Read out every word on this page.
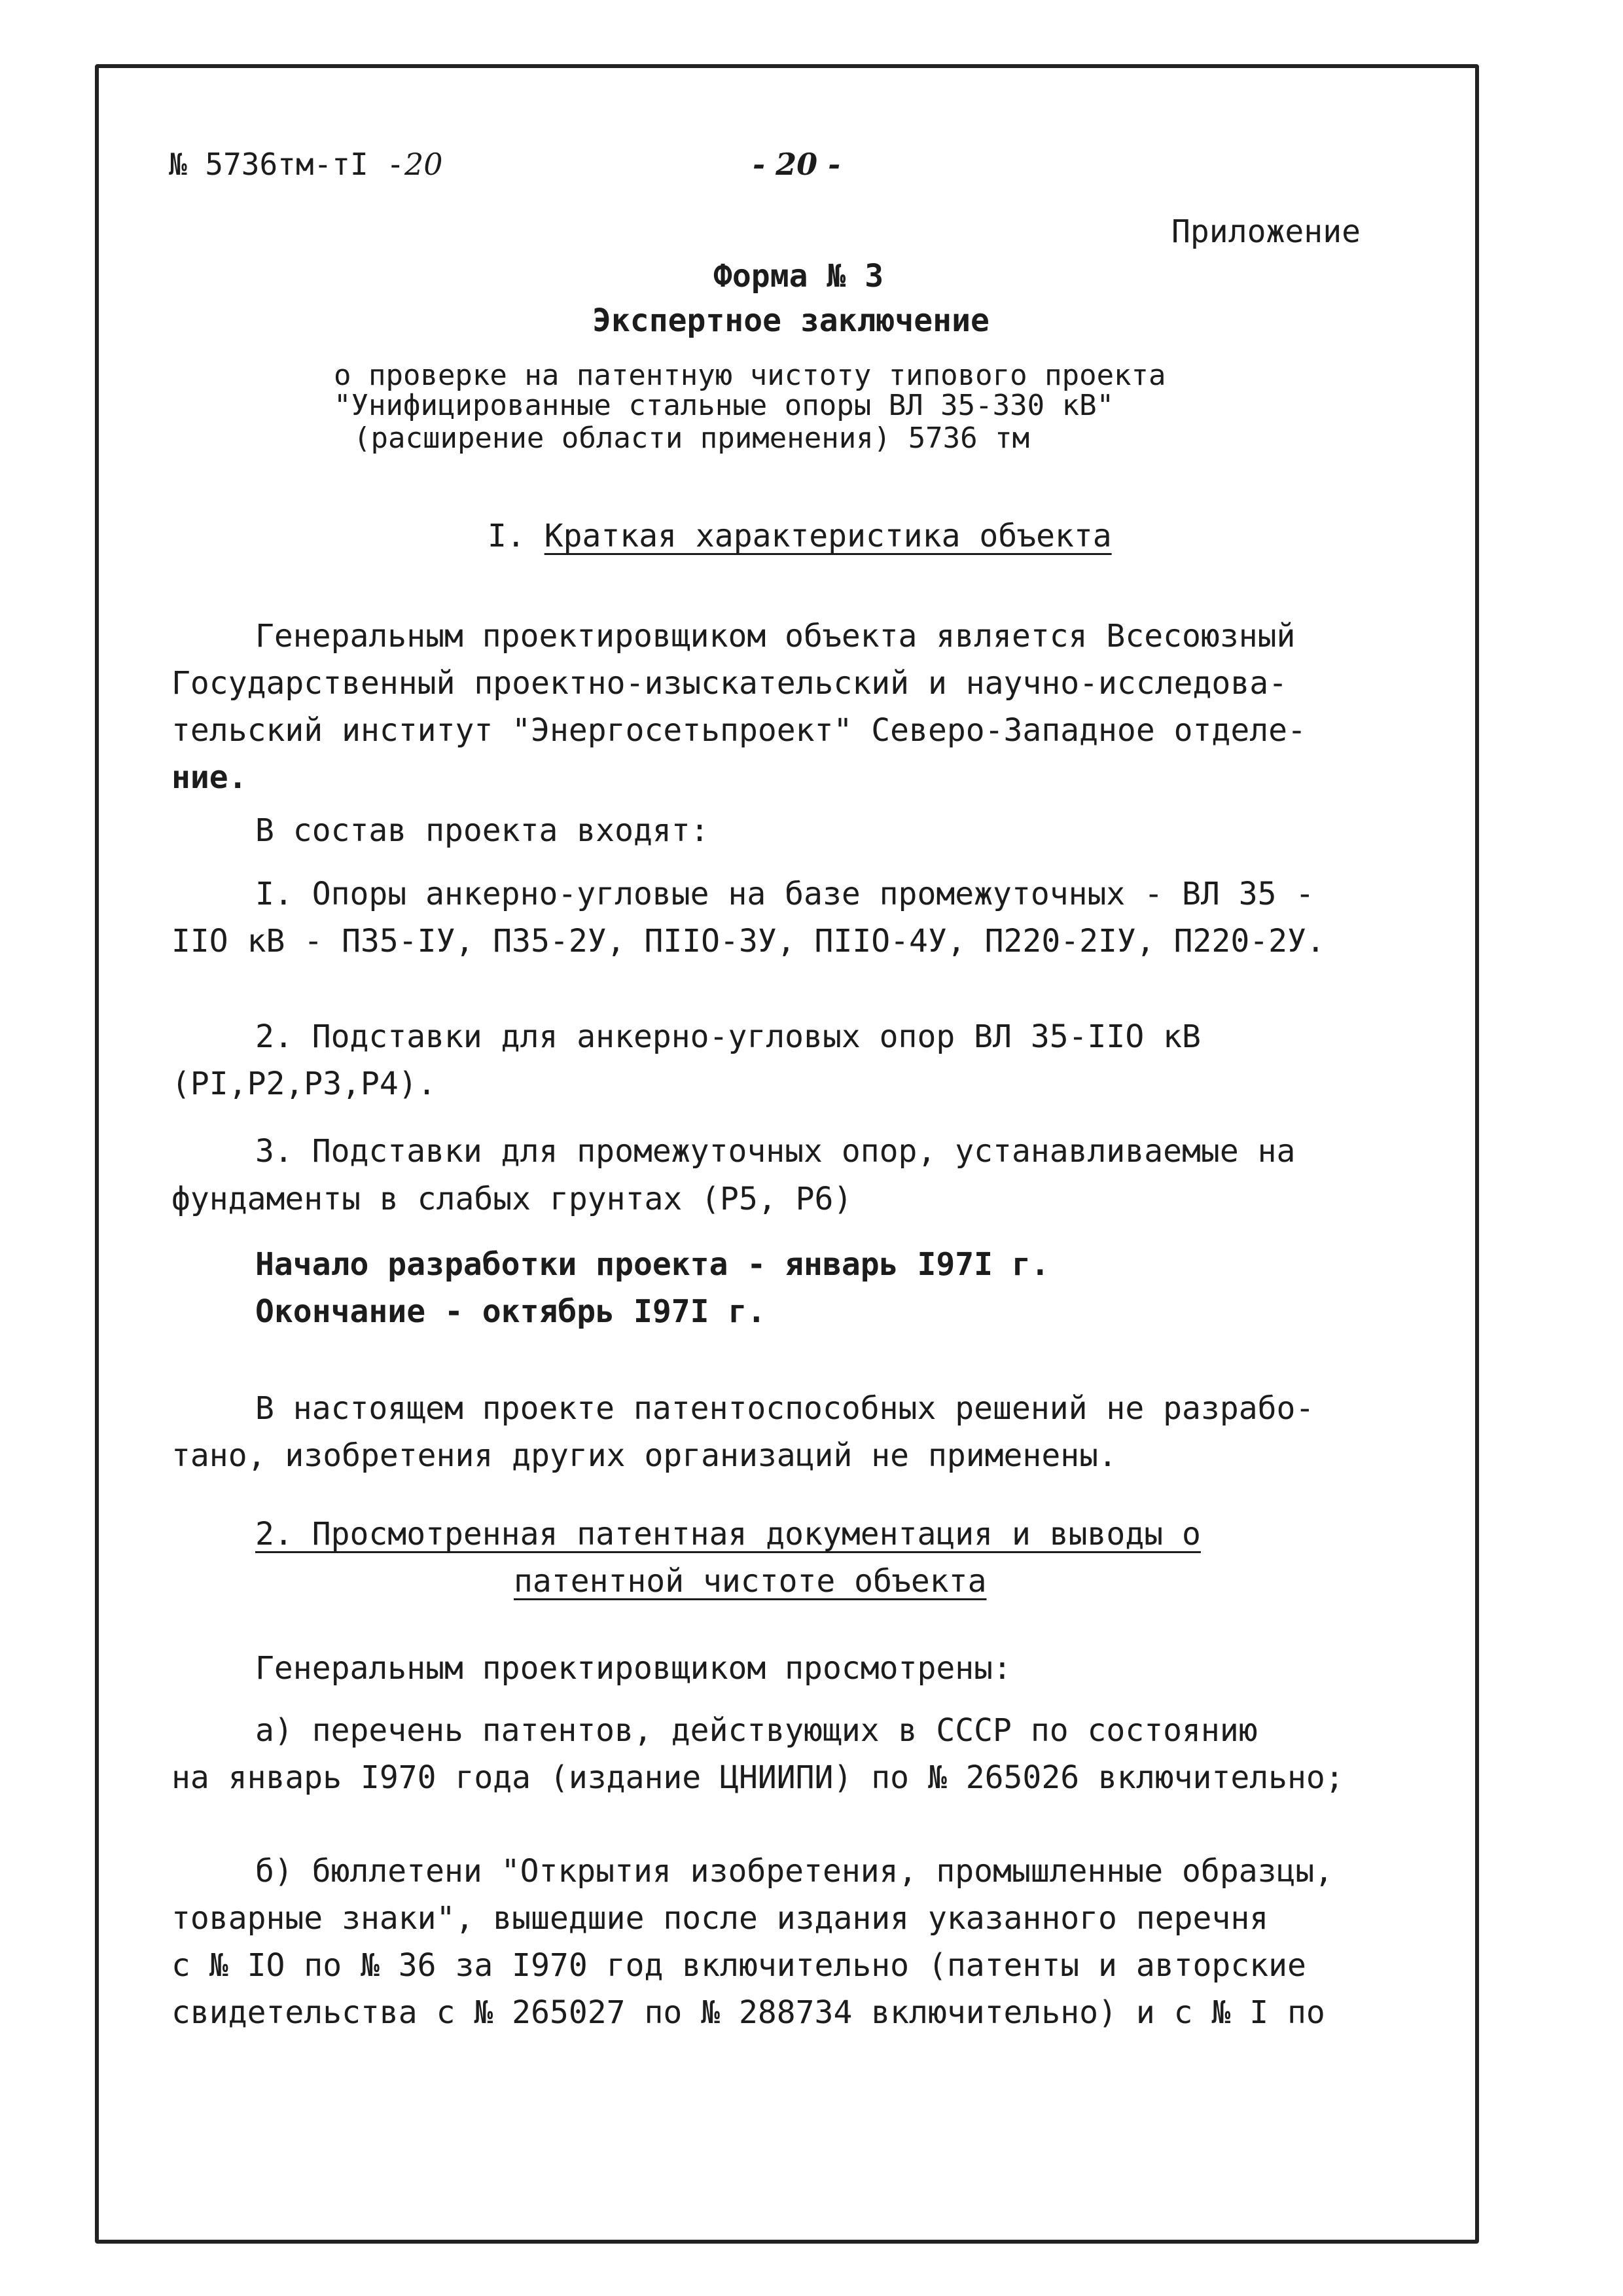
№ 5736тм-тI -20	- 20 -
Приложение
Форма № 3
Экспертное заключение
о проверке на патентную чистоту типового проекта
"Унифицированные стальные опоры ВЛ 35-330 кВ"
(расширение области применения) 5736 тм
I. Краткая характеристика объекта
Генеральным проектировщиком объекта является Всесоюзный
Государственный проектно-изыскательский и научно-исследова-
тельский институт "Энергосетьпроект" Северо-Западное отделе-
ние.
В состав проекта входят:
I. Опоры анкерно-угловые на базе промежуточных - ВЛ 35 -
IIО кВ - П35-IУ, П35-2У, ПIIО-3У, ПIIО-4У, П220-2IУ, П220-2У.
2. Подставки для анкерно-угловых опор ВЛ 35-IIО кВ
(РI,Р2,Р3,Р4).
3. Подставки для промежуточных опор, устанавливаемые на
фундаменты в слабых грунтах (Р5, Р6)
Начало разработки проекта - январь I97I г.
Окончание - октябрь I97I г.
В настоящем проекте патентоспособных решений не разрабо-
тано, изобретения других организаций не применены.
2. Просмотренная патентная документация и выводы о
патентной чистоте объекта
Генеральным проектировщиком просмотрены:
а) перечень патентов, действующих в СССР по состоянию
на январь I970 года (издание ЦНИИПИ) по № 265026 включительно;
б) бюллетени "Открытия изобретения, промышленные образцы,
товарные знаки", вышедшие после издания указанного перечня
с № IО по № 36 за I970 год включительно (патенты и авторские
свидетельства с № 265027 по № 288734 включительно) и с № I по
